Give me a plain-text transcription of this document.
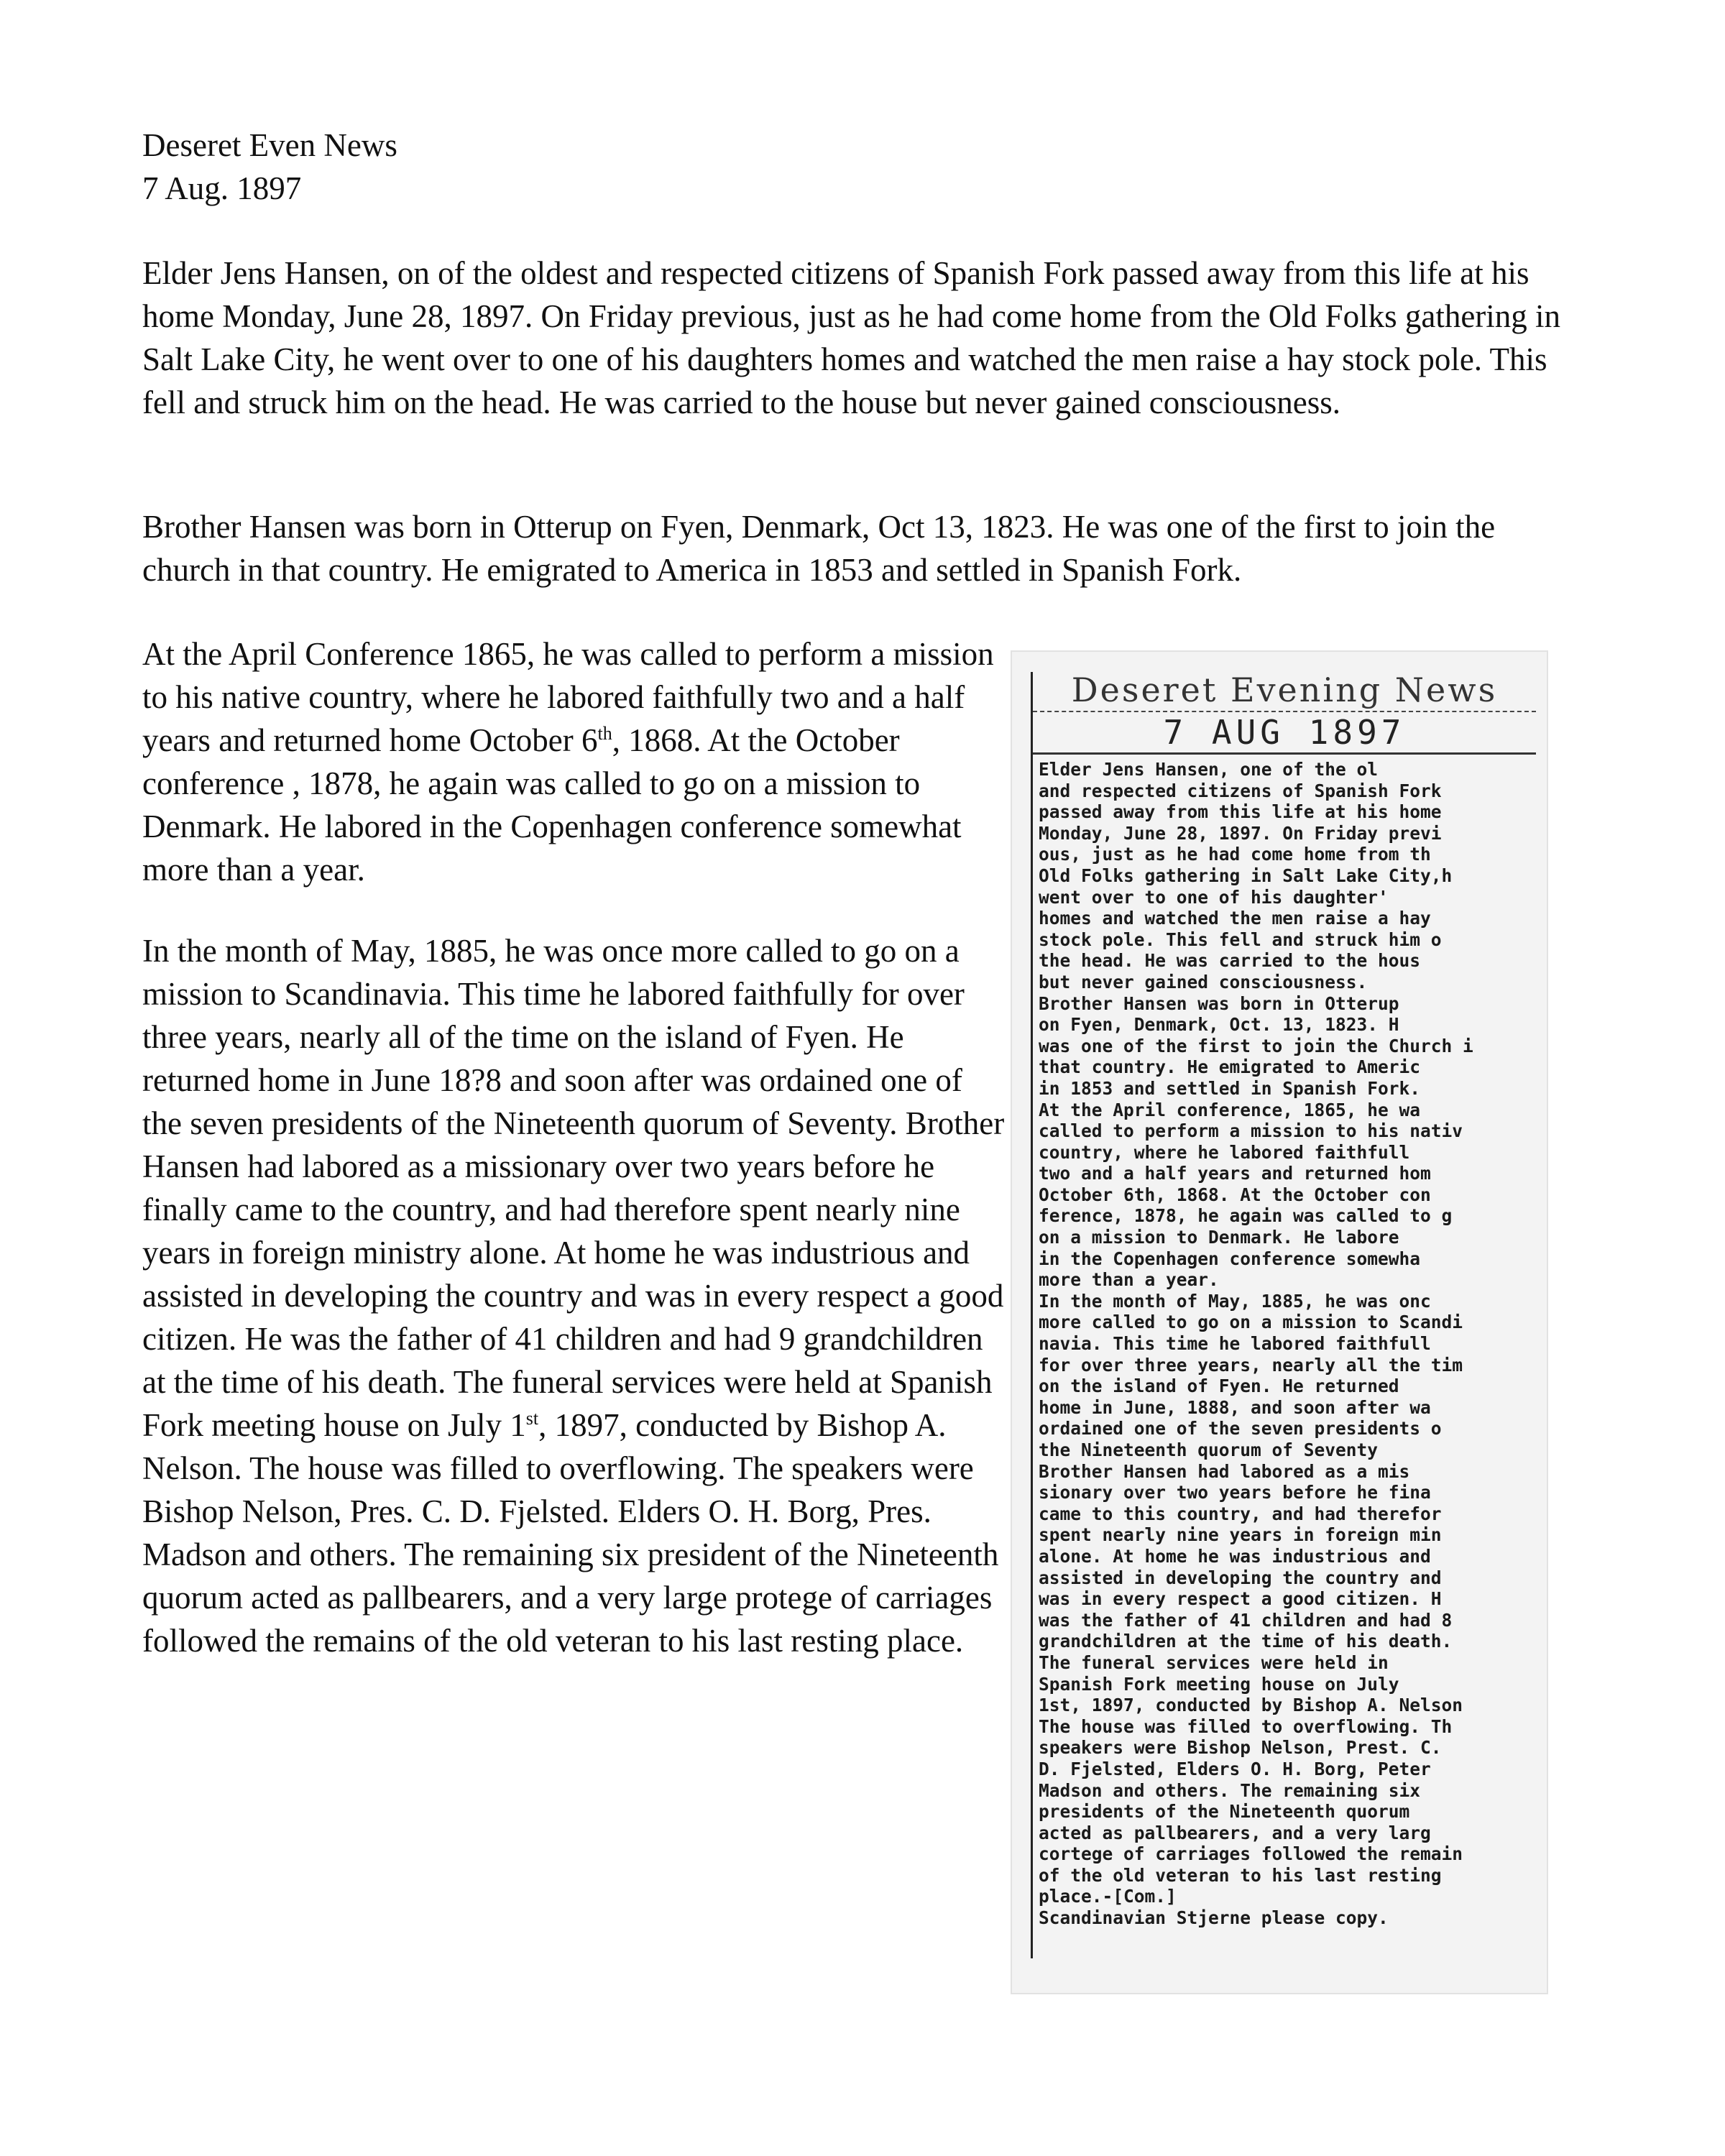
Deseret Even News
7 Aug. 1897

Elder Jens Hansen, on of the oldest and respected citizens of Spanish Fork passed away from this life at his home Monday, June 28, 1897. On Friday previous, just as he had come home from the Old Folks gathering in Salt Lake City, he went over to one of his daughters homes and watched the men raise a hay stock pole. This fell and struck him on the head. He was carried to the house but never gained consciousness.

Brother Hansen was born in Otterup on Fyen, Denmark, Oct 13, 1823. He was one of the first to join the church in that country. He emigrated to America in 1853 and settled in Spanish Fork.

At the April Conference 1865, he was called to perform a mission to his native country, where he labored faithfully two and a half years and returned home October 6th, 1868. At the October conference , 1878, he again was called to go on a mission to Denmark. He labored in the Copenhagen conference somewhat more than a year.

In the month of May, 1885, he was once more called to go on a mission to Scandinavia. This time he labored faithfully for over three years, nearly all of the time on the island of Fyen. He returned home in June 18?8 and soon after was ordained one of the seven presidents of the Nineteenth quorum of Seventy. Brother Hansen had labored as a missionary over two years before he finally came to the country, and had therefore spent nearly nine years in foreign ministry alone. At home he was industrious and assisted in developing the country and was in every respect a good citizen. He was the father of 41 children and had 9 grandchildren at the time of his death. The funeral services were held at Spanish Fork meeting house on July 1st, 1897, conducted by Bishop A. Nelson. The house was filled to overflowing. The speakers were Bishop Nelson, Pres. C. D. Fjelsted. Elders O. H. Borg, Pres. Madson and others. The remaining six president of the Nineteenth quorum acted as pallbearers, and a very large protege of carriages followed the remains of the old veteran to his last resting place.

Deseret Evening News
7 AUG 1897
Elder Jens Hansen, one of the ol
and respected citizens of Spanish Fork
passed away from this life at his home
Monday, June 28, 1897. On Friday previ
ous, just as he had come home from th
Old Folks gathering in Salt Lake City,h
went over to one of his daughter'
homes and watched the men raise a hay
stock pole. This fell and struck him o
the head. He was carried to the hous
but never gained consciousness.
Brother Hansen was born in Otterup
on Fyen, Denmark, Oct. 13, 1823. H
was one of the first to join the Church i
that country. He emigrated to Americ
in 1853 and settled in Spanish Fork.
At the April conference, 1865, he wa
called to perform a mission to his nativ
country, where he labored faithfull
two and a half years and returned hom
October 6th, 1868. At the October con
ference, 1878, he again was called to g
on a mission to Denmark. He labore
in the Copenhagen conference somewha
more than a year.
In the month of May, 1885, he was onc
more called to go on a mission to Scandi
navia. This time he labored faithfull
for over three years, nearly all the tim
on the island of Fyen. He returned
home in June, 1888, and soon after wa
ordained one of the seven presidents o
the Nineteenth quorum of Seventy
Brother Hansen had labored as a mis
sionary over two years before he fina
came to this country, and had therefor
spent nearly nine years in foreign min
alone. At home he was industrious and
assisted in developing the country and
was in every respect a good citizen. H
was the father of 41 children and had 8
grandchildren at the time of his death.
The funeral services were held in
Spanish Fork meeting house on July
1st, 1897, conducted by Bishop A. Nelson
The house was filled to overflowing. Th
speakers were Bishop Nelson, Prest. C.
D. Fjelsted, Elders O. H. Borg, Peter
Madson and others. The remaining six
presidents of the Nineteenth quorum
acted as pallbearers, and a very larg
cortege of carriages followed the remain
of the old veteran to his last resting
place.-[Com.]
Scandinavian Stjerne please copy.
